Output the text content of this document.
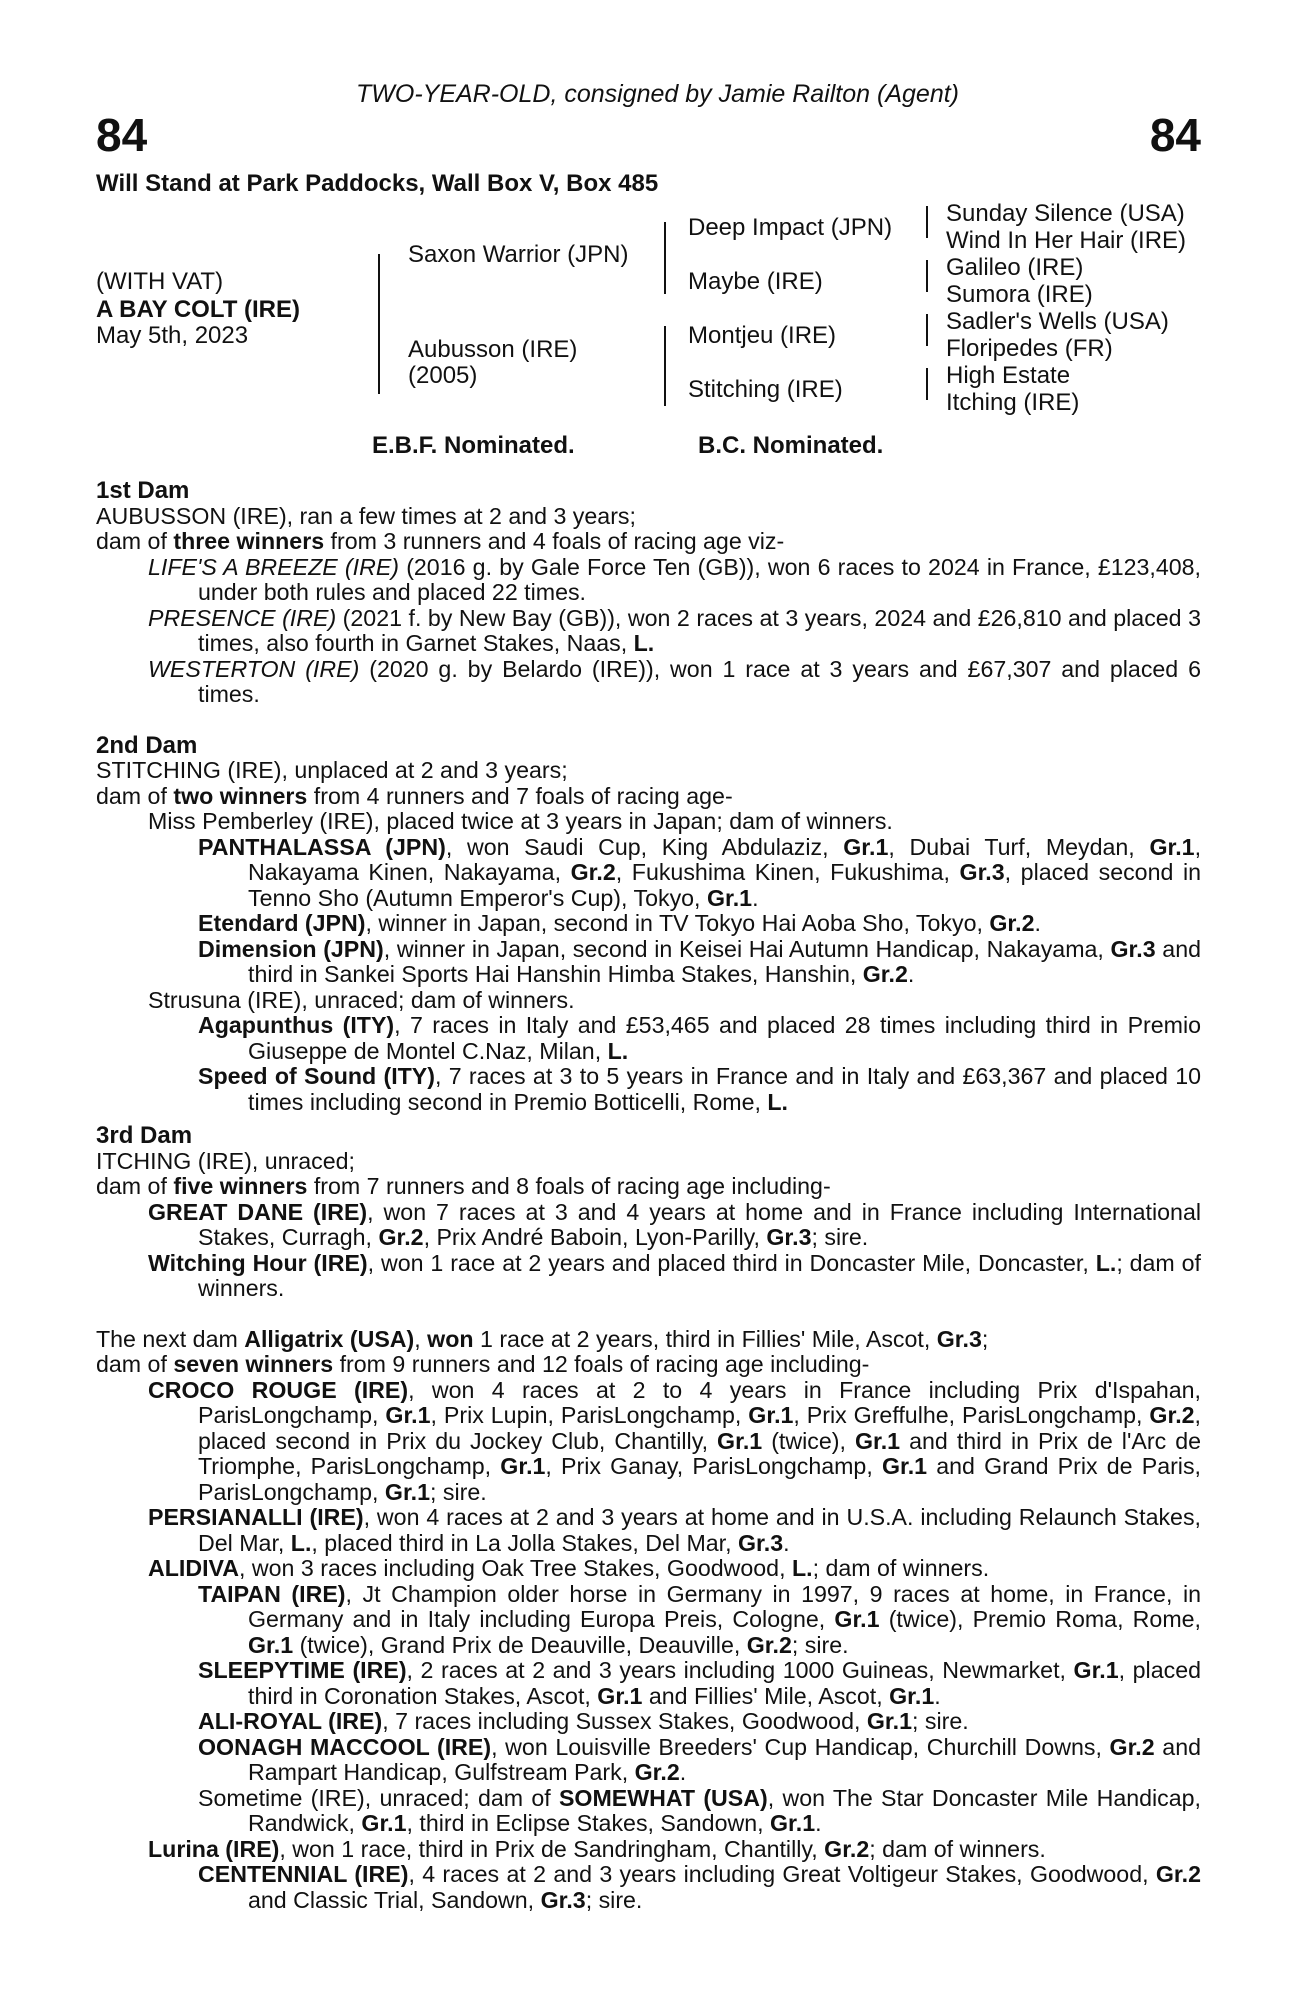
TWO-YEAR-OLD, consigned by Jamie Railton (Agent)
84	84
Will Stand at Park Paddocks, Wall Box V, Box 485
(WITH VAT)
A BAY COLT (IRE)
May 5th, 2023
Saxon Warrior (JPN)
Aubusson (IRE)
(2005)
Deep Impact (JPN)
Maybe (IRE)
Montjeu (IRE)
Stitching (IRE)
Sunday Silence (USA)
Wind In Her Hair (IRE)
Galileo (IRE)
Sumora (IRE)
Sadler's Wells (USA)
Floripedes (FR)
High Estate
Itching (IRE)
E.B.F. Nominated.	B.C. Nominated.
1st Dam
AUBUSSON (IRE), ran a few times at 2 and 3 years;
dam of three winners from 3 runners and 4 foals of racing age viz-
LIFE'S A BREEZE (IRE) (2016 g. by Gale Force Ten (GB)), won 6 races to 2024 in France, £123,408, under both rules and placed 22 times.
PRESENCE (IRE) (2021 f. by New Bay (GB)), won 2 races at 3 years, 2024 and £26,810 and placed 3 times, also fourth in Garnet Stakes, Naas, L.
WESTERTON (IRE) (2020 g. by Belardo (IRE)), won 1 race at 3 years and £67,307 and placed 6 times.
2nd Dam
STITCHING (IRE), unplaced at 2 and 3 years;
dam of two winners from 4 runners and 7 foals of racing age-
Miss Pemberley (IRE), placed twice at 3 years in Japan; dam of winners.
PANTHALASSA (JPN), won Saudi Cup, King Abdulaziz, Gr.1, Dubai Turf, Meydan, Gr.1, Nakayama Kinen, Nakayama, Gr.2, Fukushima Kinen, Fukushima, Gr.3, placed second in Tenno Sho (Autumn Emperor's Cup), Tokyo, Gr.1.
Etendard (JPN), winner in Japan, second in TV Tokyo Hai Aoba Sho, Tokyo, Gr.2.
Dimension (JPN), winner in Japan, second in Keisei Hai Autumn Handicap, Nakayama, Gr.3 and third in Sankei Sports Hai Hanshin Himba Stakes, Hanshin, Gr.2.
Strusuna (IRE), unraced; dam of winners.
Agapunthus (ITY), 7 races in Italy and £53,465 and placed 28 times including third in Premio Giuseppe de Montel C.Naz, Milan, L.
Speed of Sound (ITY), 7 races at 3 to 5 years in France and in Italy and £63,367 and placed 10 times including second in Premio Botticelli, Rome, L.
3rd Dam
ITCHING (IRE), unraced;
dam of five winners from 7 runners and 8 foals of racing age including-
GREAT DANE (IRE), won 7 races at 3 and 4 years at home and in France including International Stakes, Curragh, Gr.2, Prix André Baboin, Lyon-Parilly, Gr.3; sire.
Witching Hour (IRE), won 1 race at 2 years and placed third in Doncaster Mile, Doncaster, L.; dam of winners.
The next dam Alligatrix (USA), won 1 race at 2 years, third in Fillies' Mile, Ascot, Gr.3;
dam of seven winners from 9 runners and 12 foals of racing age including-
CROCO ROUGE (IRE), won 4 races at 2 to 4 years in France including Prix d'Ispahan, ParisLongchamp, Gr.1, Prix Lupin, ParisLongchamp, Gr.1, Prix Greffulhe, ParisLongchamp, Gr.2, placed second in Prix du Jockey Club, Chantilly, Gr.1 (twice), Gr.1 and third in Prix de l'Arc de Triomphe, ParisLongchamp, Gr.1, Prix Ganay, ParisLongchamp, Gr.1 and Grand Prix de Paris, ParisLongchamp, Gr.1; sire.
PERSIANALLI (IRE), won 4 races at 2 and 3 years at home and in U.S.A. including Relaunch Stakes, Del Mar, L., placed third in La Jolla Stakes, Del Mar, Gr.3.
ALIDIVA, won 3 races including Oak Tree Stakes, Goodwood, L.; dam of winners.
TAIPAN (IRE), Jt Champion older horse in Germany in 1997, 9 races at home, in France, in Germany and in Italy including Europa Preis, Cologne, Gr.1 (twice), Premio Roma, Rome, Gr.1 (twice), Grand Prix de Deauville, Deauville, Gr.2; sire.
SLEEPYTIME (IRE), 2 races at 2 and 3 years including 1000 Guineas, Newmarket, Gr.1, placed third in Coronation Stakes, Ascot, Gr.1 and Fillies' Mile, Ascot, Gr.1.
ALI-ROYAL (IRE), 7 races including Sussex Stakes, Goodwood, Gr.1; sire.
OONAGH MACCOOL (IRE), won Louisville Breeders' Cup Handicap, Churchill Downs, Gr.2 and Rampart Handicap, Gulfstream Park, Gr.2.
Sometime (IRE), unraced; dam of SOMEWHAT (USA), won The Star Doncaster Mile Handicap, Randwick, Gr.1, third in Eclipse Stakes, Sandown, Gr.1.
Lurina (IRE), won 1 race, third in Prix de Sandringham, Chantilly, Gr.2; dam of winners.
CENTENNIAL (IRE), 4 races at 2 and 3 years including Great Voltigeur Stakes, Goodwood, Gr.2 and Classic Trial, Sandown, Gr.3; sire.
